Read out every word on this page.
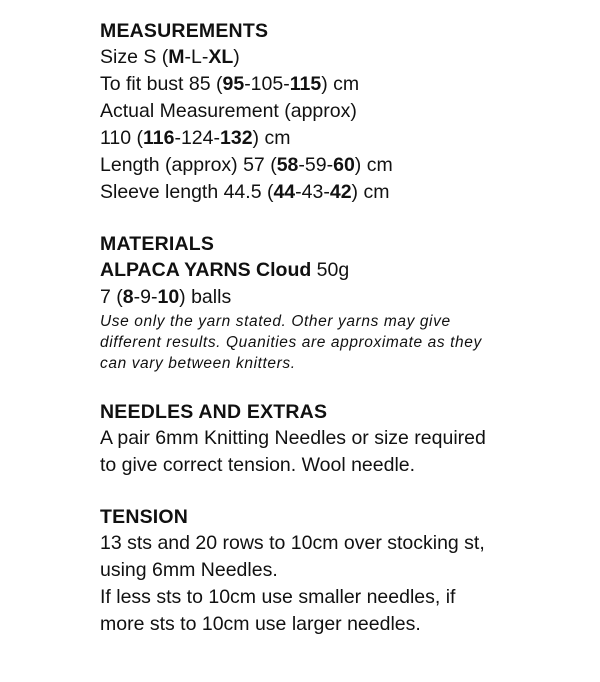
MEASUREMENTS
Size S (M-L-XL)
To fit bust 85 (95-105-115) cm
Actual Measurement (approx)
110 (116-124-132) cm
Length (approx) 57 (58-59-60) cm
Sleeve length 44.5 (44-43-42) cm
MATERIALS
ALPACA YARNS Cloud 50g
7 (8-9-10) balls
Use only the yarn stated. Other yarns may give
different results. Quanities are approximate as they
can vary between knitters.
NEEDLES AND EXTRAS
A pair 6mm Knitting Needles or size required
to give correct tension. Wool needle.
TENSION
13 sts and 20 rows to 10cm over stocking st,
using 6mm Needles.
If less sts to 10cm use smaller needles, if
more sts to 10cm use larger needles.
